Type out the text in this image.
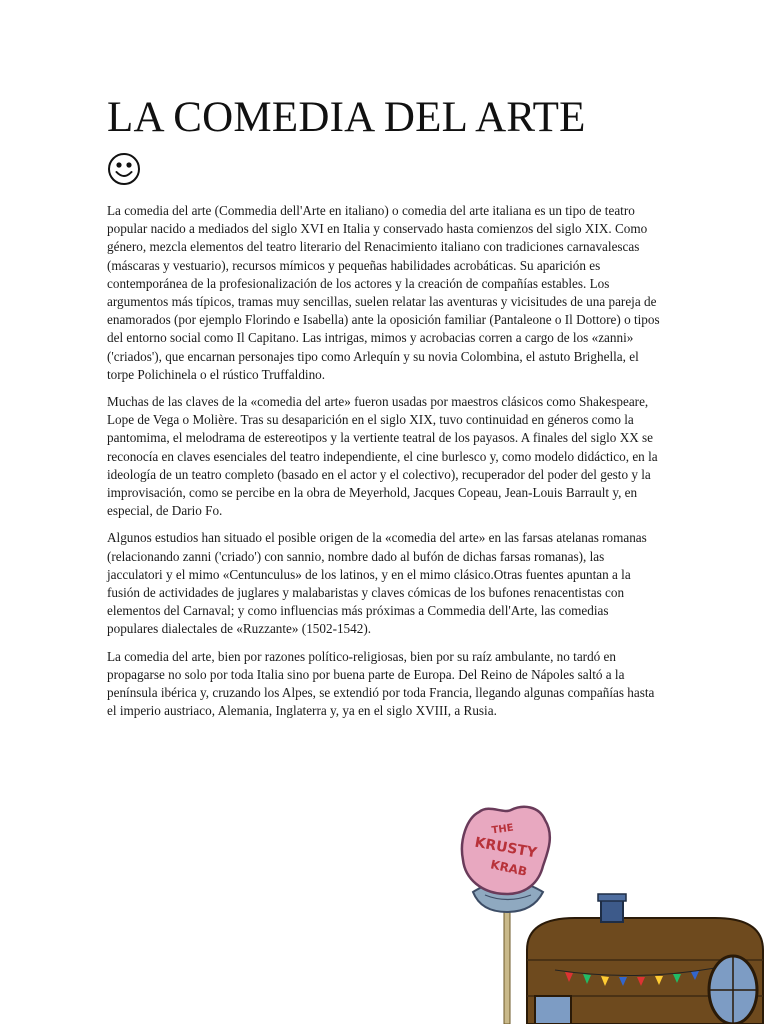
LA COMEDIA DEL ARTE

La comedia del arte (Commedia dell'Arte en italiano) o comedia del arte italiana es un tipo de teatro popular nacido a mediados del siglo XVI en Italia y conservado hasta comienzos del siglo XIX. Como género, mezcla elementos del teatro literario del Renacimiento italiano con tradiciones carnavalescas (máscaras y vestuario), recursos mímicos y pequeñas habilidades acrobáticas. Su aparición es contemporánea de la profesionalización de los actores y la creación de compañías estables. Los argumentos más típicos, tramas muy sencillas, suelen relatar las aventuras y vicisitudes de una pareja de enamorados (por ejemplo Florindo e Isabella) ante la oposición familiar (Pantaleone o Il Dottore) o tipos del entorno social como Il Capitano. Las intrigas, mimos y acrobacias corren a cargo de los «zanni» ('criados'), que encarnan personajes tipo como Arlequín y su novia Colombina, el astuto Brighella, el torpe Polichinela o el rústico Truffaldino.

Muchas de las claves de la «comedia del arte» fueron usadas por maestros clásicos como Shakespeare, Lope de Vega o Molière. Tras su desaparición en el siglo XIX, tuvo continuidad en géneros como la pantomima, el melodrama de estereotipos y la vertiente teatral de los payasos. A finales del siglo XX se reconocía en claves esenciales del teatro independiente, el cine burlesco y, como modelo didáctico, en la ideología de un teatro completo (basado en el actor y el colectivo), recuperador del poder del gesto y la improvisación, como se percibe en la obra de Meyerhold, Jacques Copeau, Jean-Louis Barrault y, en especial, de Dario Fo.

Algunos estudios han situado el posible origen de la «comedia del arte» en las farsas atelanas romanas (relacionando zanni ('criado') con sannio, nombre dado al bufón de dichas farsas romanas), las jacculatori y el mimo «Centunculus» de los latinos, y en el mimo clásico.Otras fuentes apuntan a la fusión de actividades de juglares y malabaristas y claves cómicas de los bufones renacentistas con elementos del Carnaval; y como influencias más próximas a Commedia dell'Arte, las comedias populares dialectales de «Ruzzante» (1502-1542).

La comedia del arte, bien por razones político-religiosas, bien por su raíz ambulante, no tardó en propagarse no solo por toda Italia sino por buena parte de Europa. Del Reino de Nápoles saltó a la península ibérica y, cruzando los Alpes, se extendió por toda Francia, llegando algunas compañías hasta el imperio austriaco, Alemania, Inglaterra y, ya en el siglo XVIII, a Rusia.

THE
KRUSTY
KRAB
